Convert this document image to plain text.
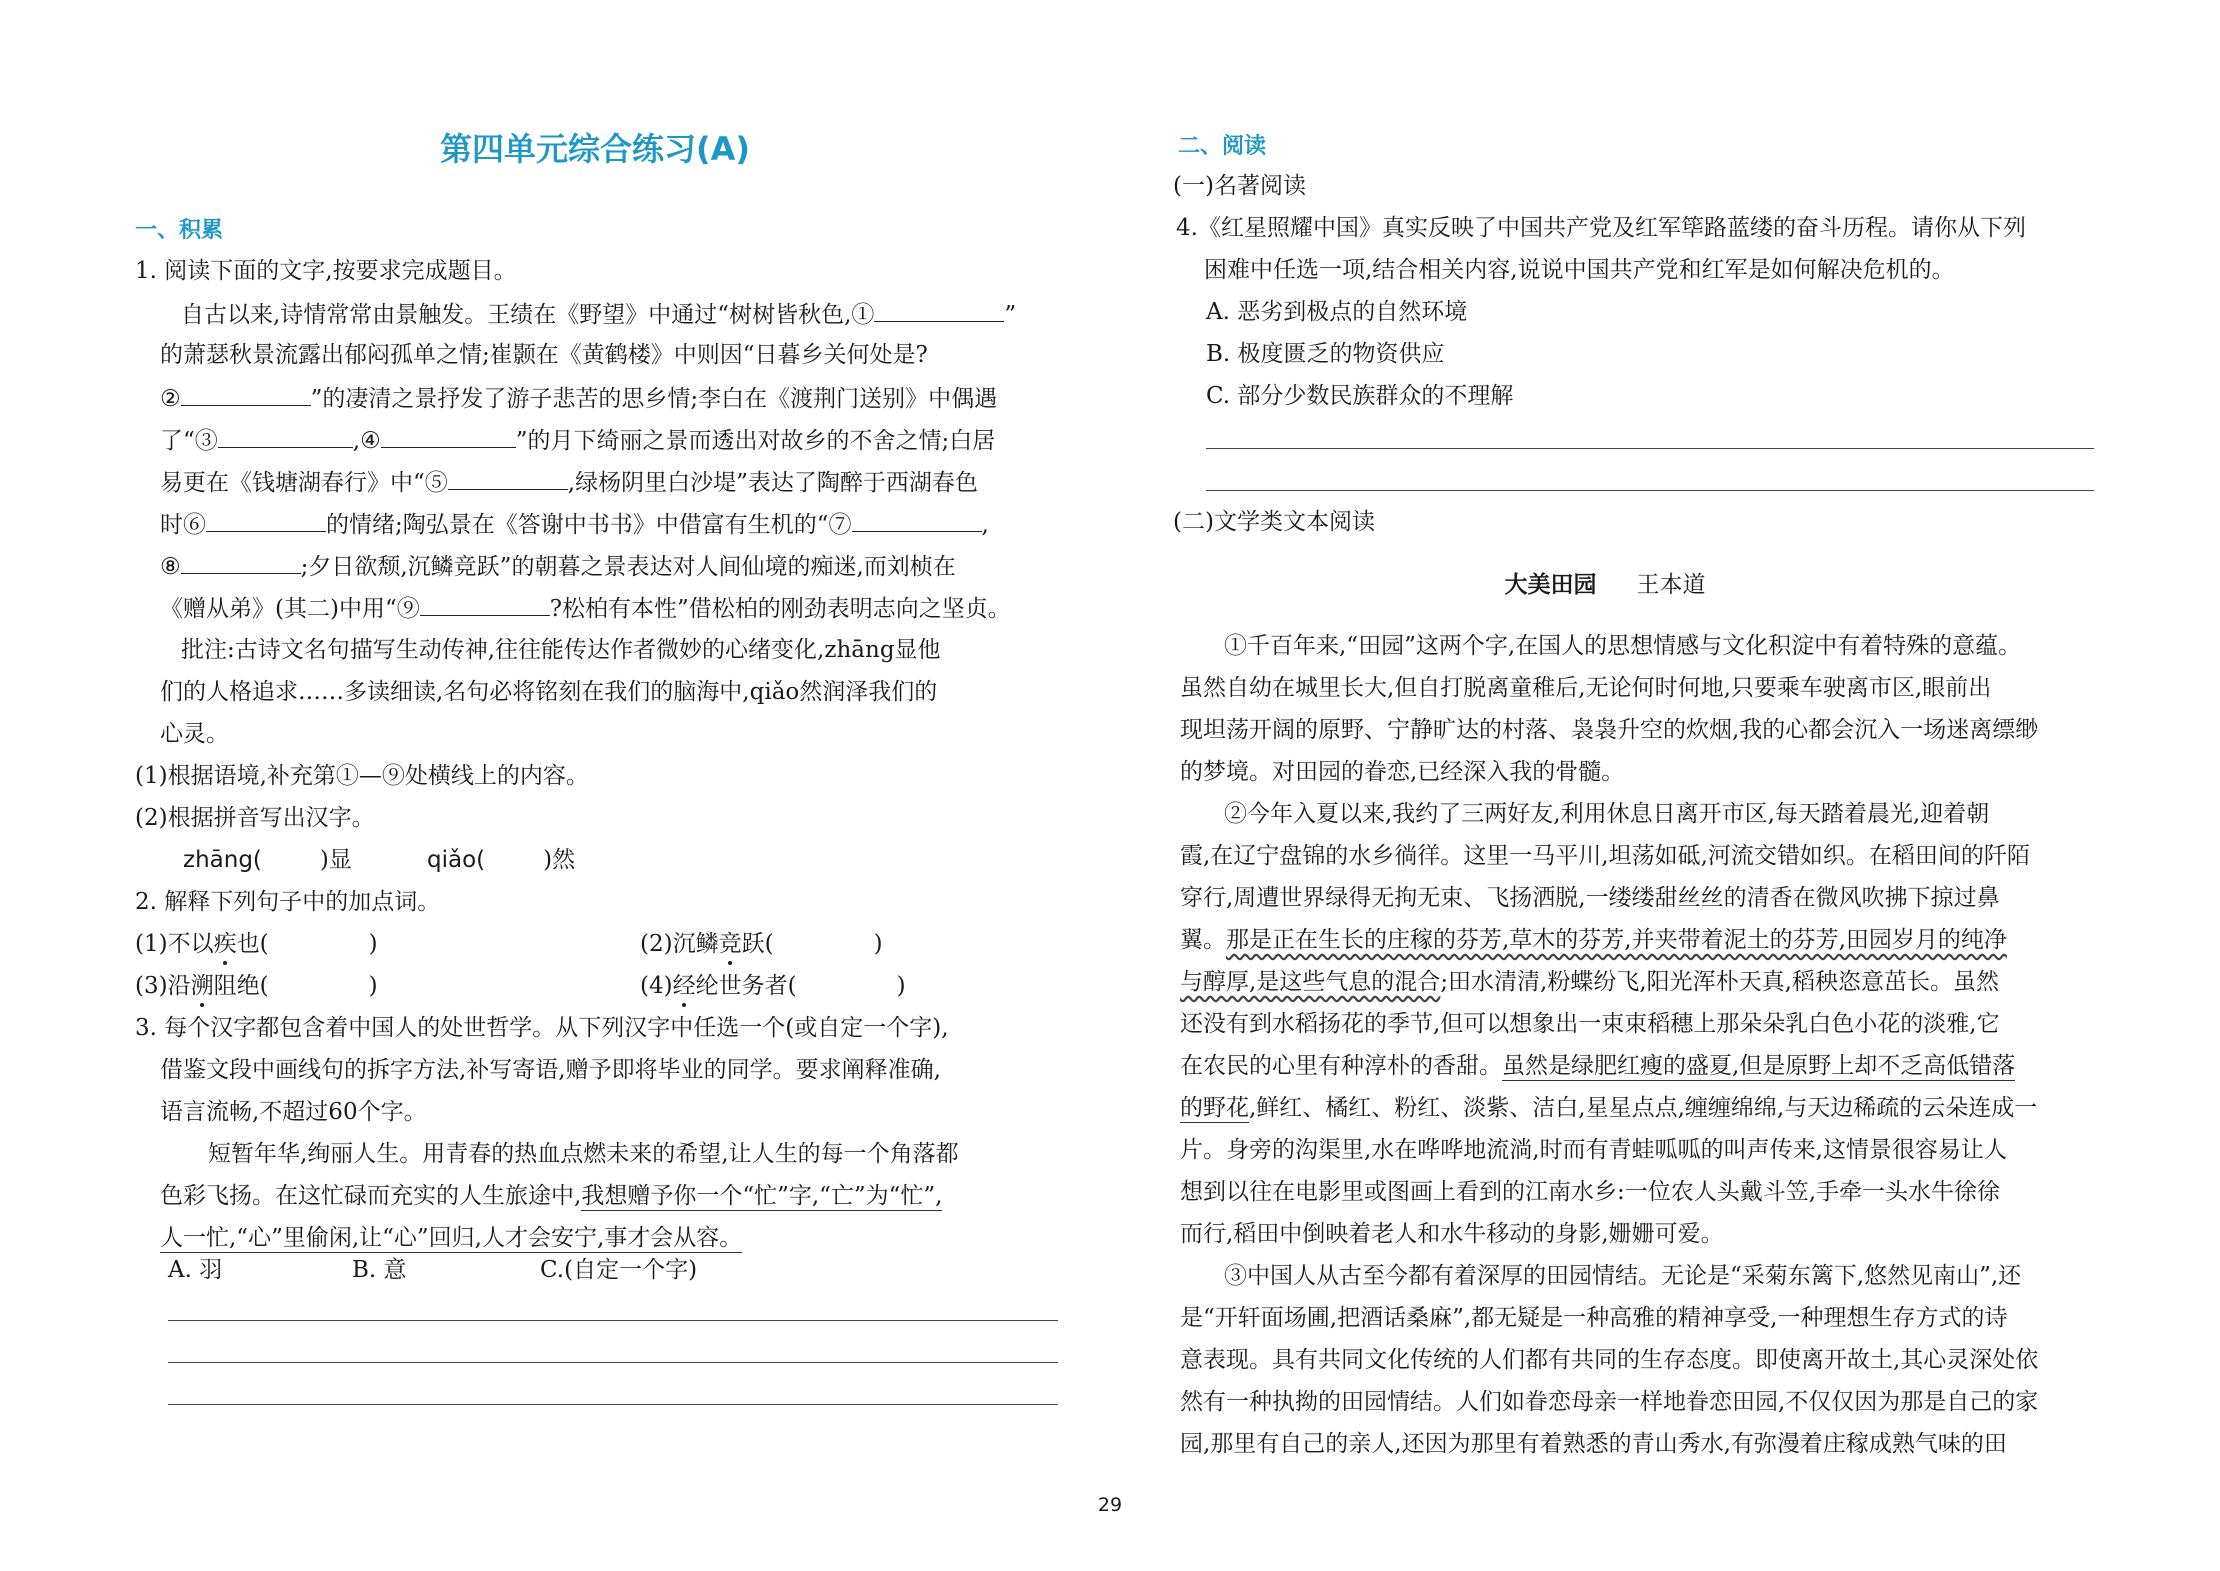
第四单元综合练习(A)
一、积累
1. 阅读下面的文字,按要求完成题目。
自古以来,诗情常常由景触发。王绩在《野望》中通过“树树皆秋色,①	”
的萧瑟秋景流露出郁闷孤单之情;崔颢在《黄鹤楼》中则因“日暮乡关何处是?
②	”的凄清之景抒发了游子悲苦的思乡情;李白在《渡荆门送别》中偶遇
了“③	,④	”的月下绮丽之景而透出对故乡的不舍之情;白居
易更在《钱塘湖春行》中“⑤	,绿杨阴里白沙堤”表达了陶醉于西湖春色
时⑥	的情绪;陶弘景在《答谢中书书》中借富有生机的“⑦	,
⑧	;夕日欲颓,沉鳞竞跃”的朝暮之景表达对人间仙境的痴迷,而刘桢在
《赠从弟》(其二)中用“⑨	?松柏有本性”借松柏的刚劲表明志向之坚贞。
批注:古诗文名句描写生动传神,往往能传达作者微妙的心绪变化,zhāng显他
们的人格追求……多读细读,名句必将铭刻在我们的脑海中,qiǎo然润泽我们的
心灵。
(1)根据语境,补充第①—⑨处横线上的内容。
(2)根据拼音写出汉字。
zhāng(	)显	qiǎo(	)然
2. 解释下列句子中的加点词。
(1)不以疾也(	)	(2)沉鳞竞跃(	)
(3)沿溯阻绝(	)	(4)经纶世务者(	)
3. 每个汉字都包含着中国人的处世哲学。从下列汉字中任选一个(或自定一个字),
借鉴文段中画线句的拆字方法,补写寄语,赠予即将毕业的同学。要求阐释准确,
语言流畅,不超过60个字。
短暂年华,绚丽人生。用青春的热血点燃未来的希望,让人生的每一个角落都
色彩飞扬。在这忙碌而充实的人生旅途中,我想赠予你一个“忙”字,“亡”为“忙”,
人一忙,“心”里偷闲,让“心”回归,人才会安宁,事才会从容。
A. 羽	B. 意	C.(自定一个字)
二、阅读
(一)名著阅读
4.《红星照耀中国》真实反映了中国共产党及红军筚路蓝缕的奋斗历程。请你从下列
困难中任选一项,结合相关内容,说说中国共产党和红军是如何解决危机的。
A. 恶劣到极点的自然环境
B. 极度匮乏的物资供应
C. 部分少数民族群众的不理解
(二)文学类文本阅读
大美田园 王本道
①千百年来,“田园”这两个字,在国人的思想情感与文化积淀中有着特殊的意蕴。
虽然自幼在城里长大,但自打脱离童稚后,无论何时何地,只要乘车驶离市区,眼前出
现坦荡开阔的原野、宁静旷达的村落、袅袅升空的炊烟,我的心都会沉入一场迷离缥缈
的梦境。对田园的眷恋,已经深入我的骨髓。
②今年入夏以来,我约了三两好友,利用休息日离开市区,每天踏着晨光,迎着朝
霞,在辽宁盘锦的水乡徜徉。这里一马平川,坦荡如砥,河流交错如织。在稻田间的阡陌
穿行,周遭世界绿得无拘无束、飞扬洒脱,一缕缕甜丝丝的清香在微风吹拂下掠过鼻
翼。那是正在生长的庄稼的芬芳,草木的芬芳,并夹带着泥土的芬芳,田园岁月的纯净
与醇厚,是这些气息的混合;田水清清,粉蝶纷飞,阳光浑朴天真,稻秧恣意茁长。虽然
还没有到水稻扬花的季节,但可以想象出一束束稻穗上那朵朵乳白色小花的淡雅,它
在农民的心里有种淳朴的香甜。虽然是绿肥红瘦的盛夏,但是原野上却不乏高低错落
的野花,鲜红、橘红、粉红、淡紫、洁白,星星点点,缠缠绵绵,与天边稀疏的云朵连成一
片。身旁的沟渠里,水在哗哗地流淌,时而有青蛙呱呱的叫声传来,这情景很容易让人
想到以往在电影里或图画上看到的江南水乡:一位农人头戴斗笠,手牵一头水牛徐徐
而行,稻田中倒映着老人和水牛移动的身影,姗姗可爱。
③中国人从古至今都有着深厚的田园情结。无论是“采菊东篱下,悠然见南山”,还
是“开轩面场圃,把酒话桑麻”,都无疑是一种高雅的精神享受,一种理想生存方式的诗
意表现。具有共同文化传统的人们都有共同的生存态度。即使离开故土,其心灵深处依
然有一种执拗的田园情结。人们如眷恋母亲一样地眷恋田园,不仅仅因为那是自己的家
园,那里有自己的亲人,还因为那里有着熟悉的青山秀水,有弥漫着庄稼成熟气味的田
29
